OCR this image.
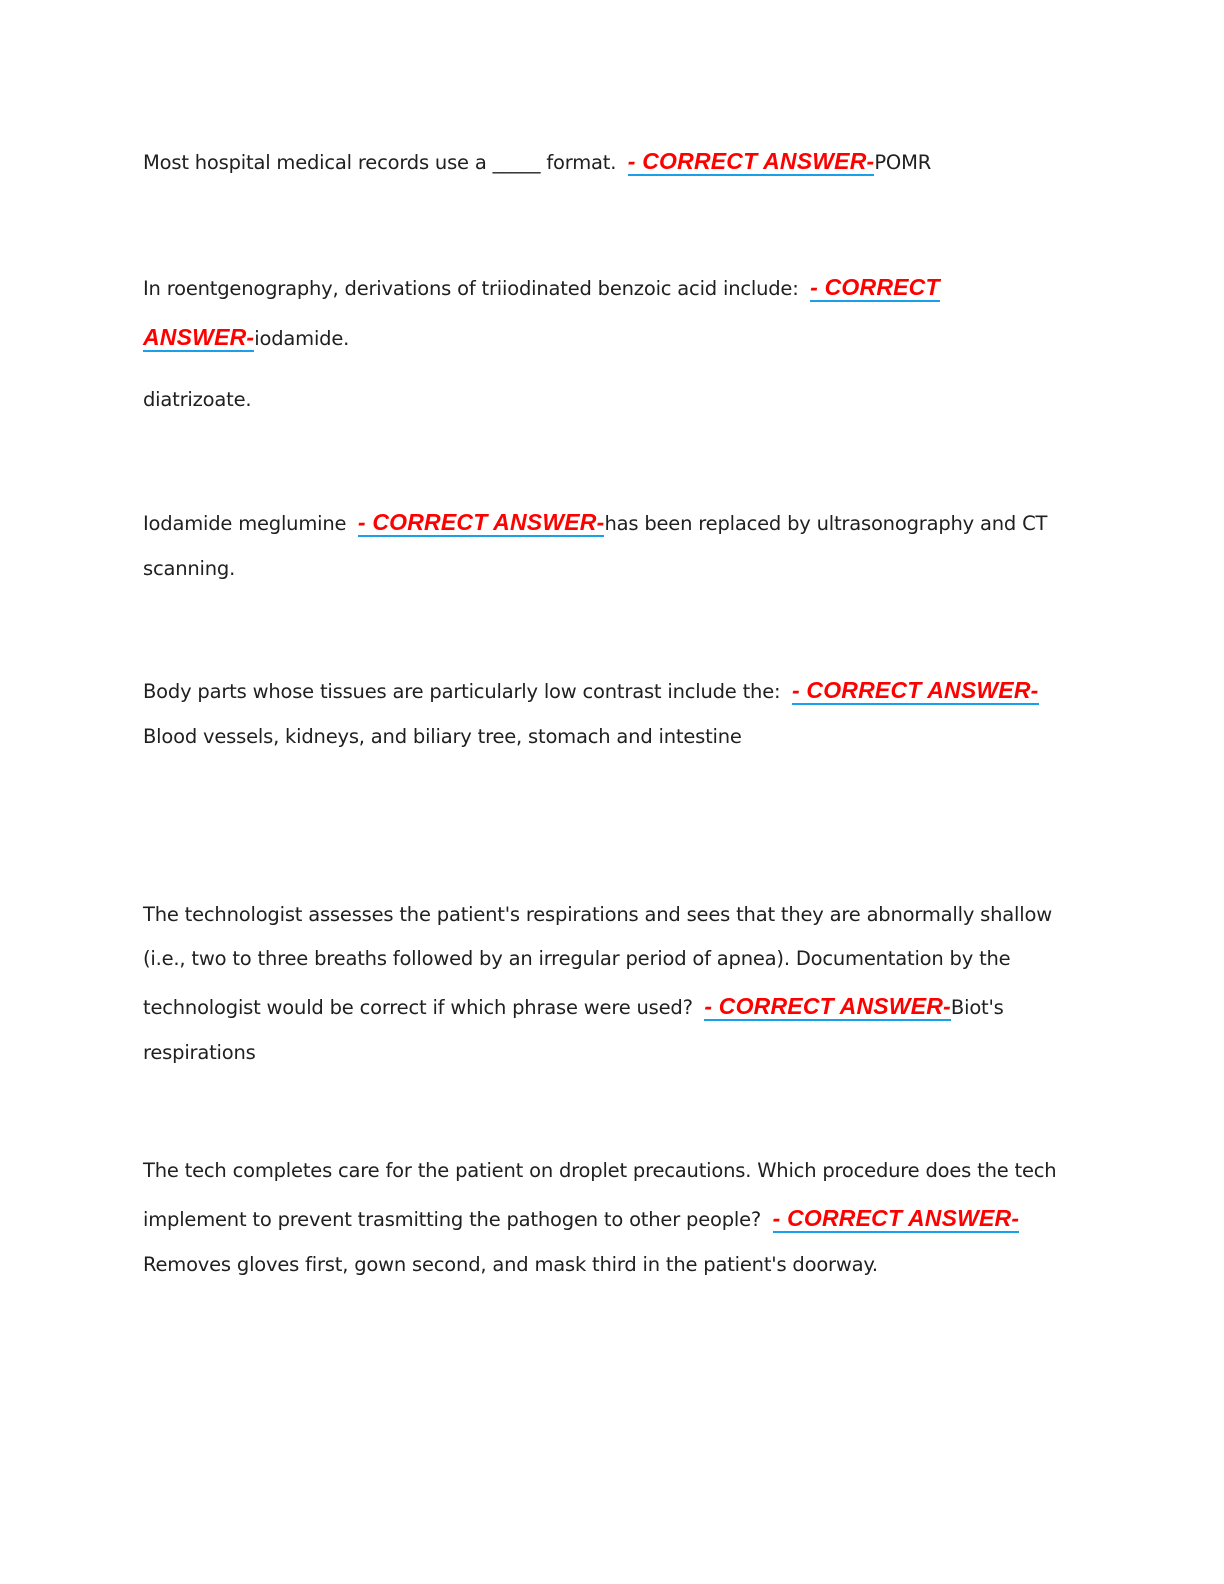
Most hospital medical records use a _____ format. - CORRECT ANSWER-POMR
In roentgenography, derivations of triiodinated benzoic acid include: - CORRECT
ANSWER-iodamide.
diatrizoate.
Iodamide meglumine - CORRECT ANSWER-has been replaced by ultrasonography and CT
scanning.
Body parts whose tissues are particularly low contrast include the: - CORRECT ANSWER-
Blood vessels, kidneys, and biliary tree, stomach and intestine
The technologist assesses the patient's respirations and sees that they are abnormally shallow
(i.e., two to three breaths followed by an irregular period of apnea). Documentation by the
technologist would be correct if which phrase were used? - CORRECT ANSWER-Biot's
respirations
The tech completes care for the patient on droplet precautions. Which procedure does the tech
implement to prevent trasmitting the pathogen to other people? - CORRECT ANSWER-
Removes gloves first, gown second, and mask third in the patient's doorway.
